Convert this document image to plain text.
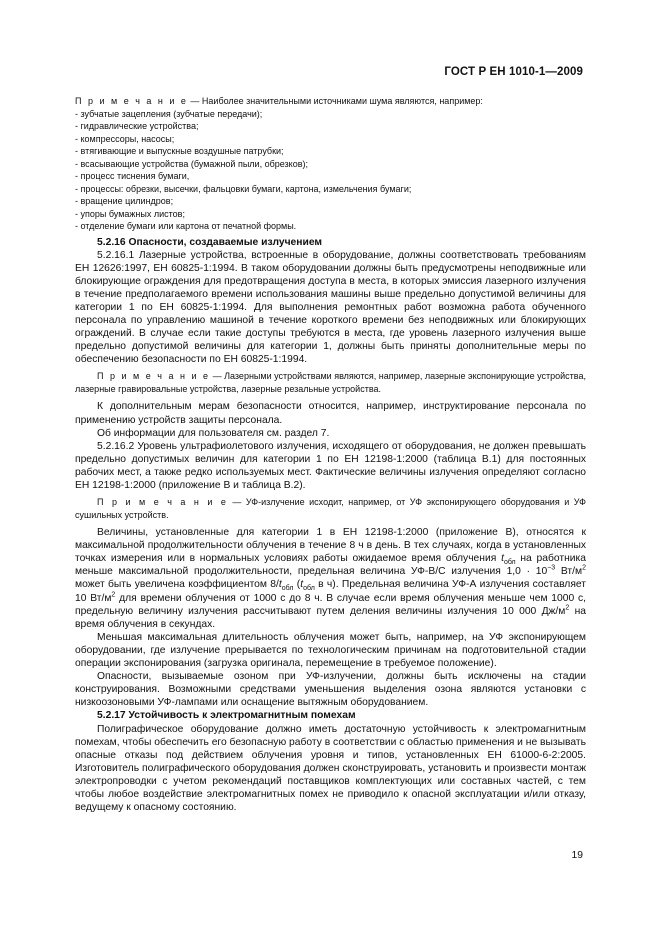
ГОСТ Р ЕН 1010-1—2009
П р и м е ч а н и е — Наиболее значительными источниками шума являются, например:
- зубчатые зацепления (зубчатые передачи);
- гидравлические устройства;
- компрессоры, насосы;
- втягивающие и выпускные воздушные патрубки;
- всасывающие устройства (бумажной пыли, обрезков);
- процесс тиснения бумаги,
- процессы: обрезки, высечки, фальцовки бумаги, картона, измельчения бумаги;
- вращение цилиндров;
- упоры бумажных листов;
- отделение бумаги или картона от печатной формы.

5.2.16 Опасности, создаваемые излучением

5.2.16.1 Лазерные устройства, встроенные в оборудование, должны соответствовать требованиям ЕН 12626:1997, ЕН 60825-1:1994. В таком оборудовании должны быть предусмотрены неподвижные или блокирующие ограждения для предотвращения доступа в места, в которых эмиссия лазерного излучения в течение предполагаемого времени использования машины выше предельно допустимой величины для категории 1 по ЕН 60825-1:1994. Для выполнения ремонтных работ возможна работа обученного персонала по управлению машиной в течение короткого времени без неподвижных или блокирующих ограждений. В случае если такие доступы требуются в места, где уровень лазерного излучения выше предельно допустимой величины для категории 1, должны быть приняты дополнительные меры по обеспечению безопасности по ЕН 60825-1:1994.

П р и м е ч а н и е — Лазерными устройствами являются, например, лазерные экспонирующие устройства, лазерные гравировальные устройства, лазерные резальные устройства.

К дополнительным мерам безопасности относится, например, инструктирование персонала по применению устройств защиты персонала.

Об информации для пользователя см. раздел 7.

5.2.16.2 Уровень ультрафиолетового излучения, исходящего от оборудования, не должен превышать предельно допустимых величин для категории 1 по ЕН 12198-1:2000 (таблица В.1) для постоянных рабочих мест, а также редко используемых мест. Фактические величины излучения определяют согласно ЕН 12198-1:2000 (приложение В и таблица В.2).

П р и м е ч а н и е — УФ-излучение исходит, например, от УФ экспонирующего оборудования и УФ сушильных устройств.

Величины, установленные для категории 1 в ЕН 12198-1:2000 (приложение В), относятся к максимальной продолжительности облучения в течение 8 ч в день. В тех случаях, когда в установленных точках измерения или в нормальных условиях работы ожидаемое время облучения $t_{обл}$ на работника меньше максимальной продолжительности, предельная величина УФ-В/С излучения $1,0 \cdot 10^{-3}$ $Вт/м^2$ может быть увеличена коэффициентом $8/t_{обл}$ ($t_{обл}$ в ч). Предельная величина УФ-А излучения составляет 10 $Вт/м^2$ для времени облучения от 1000 с до 8 ч. В случае если время облучения меньше чем 1000 с, предельную величину излучения рассчитывают путем деления величины излучения 10 000 $Дж/м^2$ на время облучения в секундах.

Меньшая максимальная длительность облучения может быть, например, на УФ экспонирующем оборудовании, где излучение прерывается по технологическим причинам на подготовительной стадии операции экспонирования (загрузка оригинала, перемещение в требуемое положение).

Опасности, вызываемые озоном при УФ-излучении, должны быть исключены на стадии конструирования. Возможными средствами уменьшения выделения озона являются установки с низкоозоновыми УФ-лампами или оснащение вытяжным оборудованием.

5.2.17 Устойчивость к электромагнитным помехам

Полиграфическое оборудование должно иметь достаточную устойчивость к электромагнитным помехам, чтобы обеспечить его безопасную работу в соответствии с областью применения и не вызывать опасные отказы под действием облучения уровня и типов, установленных ЕН 61000-6-2:2005. Изготовитель полиграфического оборудования должен сконструировать, установить и произвести монтаж электропроводки с учетом рекомендаций поставщиков комплектующих или составных частей, с тем чтобы любое воздействие электромагнитных помех не приводило к опасной эксплуатации и/или отказу, ведущему к опасному состоянию.

19
